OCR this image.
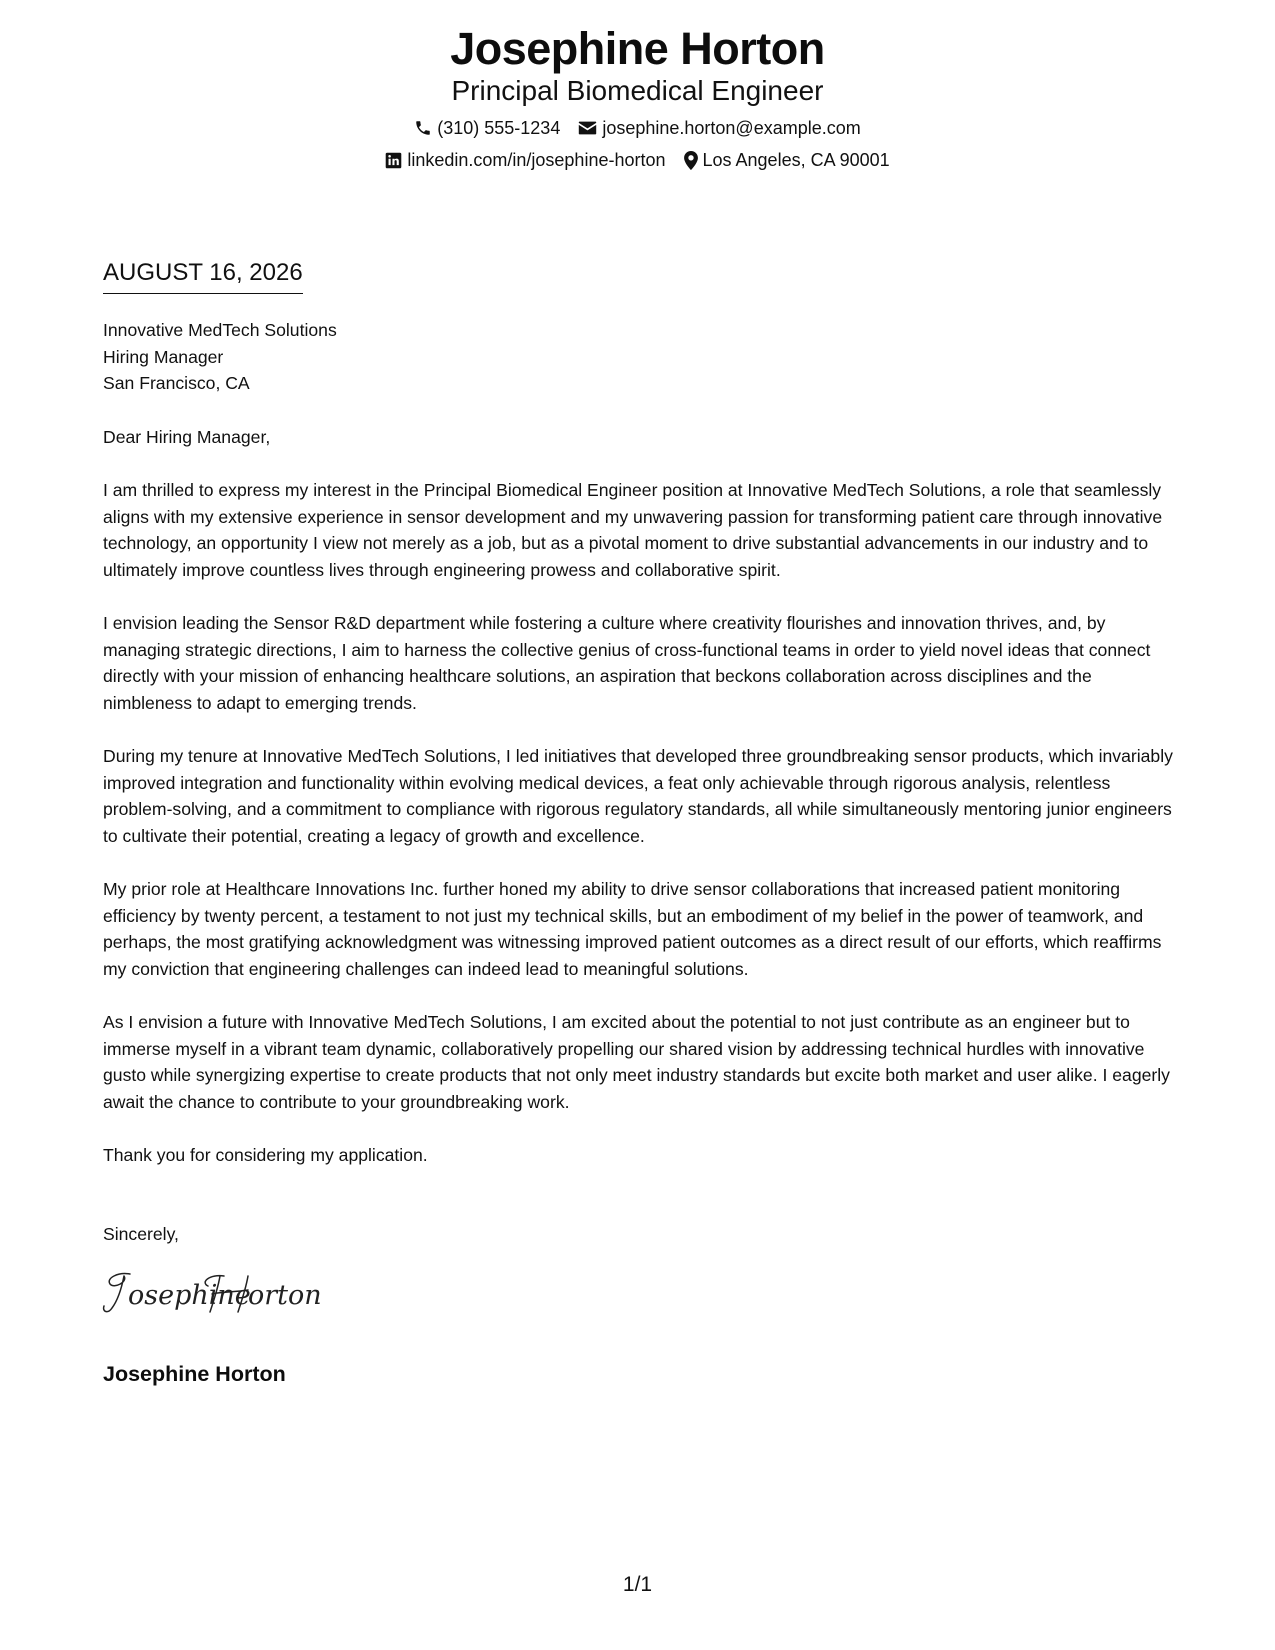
Josephine Horton
Principal Biomedical Engineer
(310) 555-1234 josephine.horton@example.com
linkedin.com/in/josephine-horton Los Angeles, CA 90001
AUGUST 16, 2026
Innovative MedTech Solutions
Hiring Manager
San Francisco, CA
Dear Hiring Manager,
I am thrilled to express my interest in the Principal Biomedical Engineer position at Innovative MedTech Solutions, a role that seamlessly aligns with my extensive experience in sensor development and my unwavering passion for transforming patient care through innovative technology, an opportunity I view not merely as a job, but as a pivotal moment to drive substantial advancements in our industry and to ultimately improve countless lives through engineering prowess and collaborative spirit.
I envision leading the Sensor R&D department while fostering a culture where creativity flourishes and innovation thrives, and, by managing strategic directions, I aim to harness the collective genius of cross-functional teams in order to yield novel ideas that connect directly with your mission of enhancing healthcare solutions, an aspiration that beckons collaboration across disciplines and the nimbleness to adapt to emerging trends.
During my tenure at Innovative MedTech Solutions, I led initiatives that developed three groundbreaking sensor products, which invariably improved integration and functionality within evolving medical devices, a feat only achievable through rigorous analysis, relentless problem-solving, and a commitment to compliance with rigorous regulatory standards, all while simultaneously mentoring junior engineers to cultivate their potential, creating a legacy of growth and excellence.
My prior role at Healthcare Innovations Inc. further honed my ability to drive sensor collaborations that increased patient monitoring efficiency by twenty percent, a testament to not just my technical skills, but an embodiment of my belief in the power of teamwork, and perhaps, the most gratifying acknowledgment was witnessing improved patient outcomes as a direct result of our efforts, which reaffirms my conviction that engineering challenges can indeed lead to meaningful solutions.
As I envision a future with Innovative MedTech Solutions, I am excited about the potential to not just contribute as an engineer but to immerse myself in a vibrant team dynamic, collaboratively propelling our shared vision by addressing technical hurdles with innovative gusto while synergizing expertise to create products that not only meet industry standards but excite both market and user alike. I eagerly await the chance to contribute to your groundbreaking work.
Thank you for considering my application.
Sincerely,
osephine
orton
Josephine Horton
1/1
